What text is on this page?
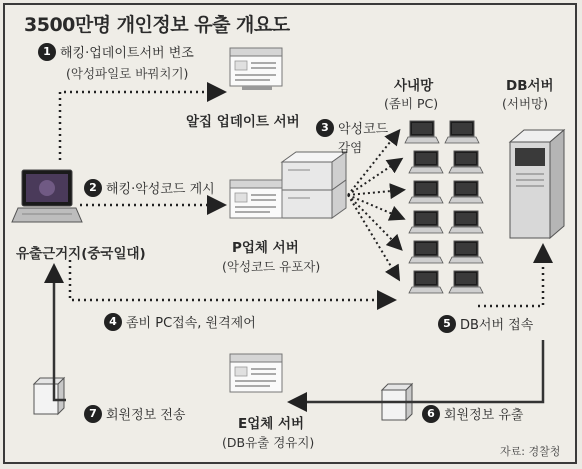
3500만명 개인정보 유출 개요도
1 해킹·업데이트서버 변조
(악성파일로 바꿔치기)
2 해킹·악성코드 게시
3 악성코드
감염
4 좀비 PC접속, 원격제어	5 DB서버 접속
6 회원정보 유출
7 회원정보 전송
유출근거지(중국일대)
알집 업데이트 서버
P업체 서버
(악성코드 유포자)
사내망
(좀비 PC)
DB서버
(서버망)
E업체 서버
(DB유출 경유지)
자료: 경찰청
